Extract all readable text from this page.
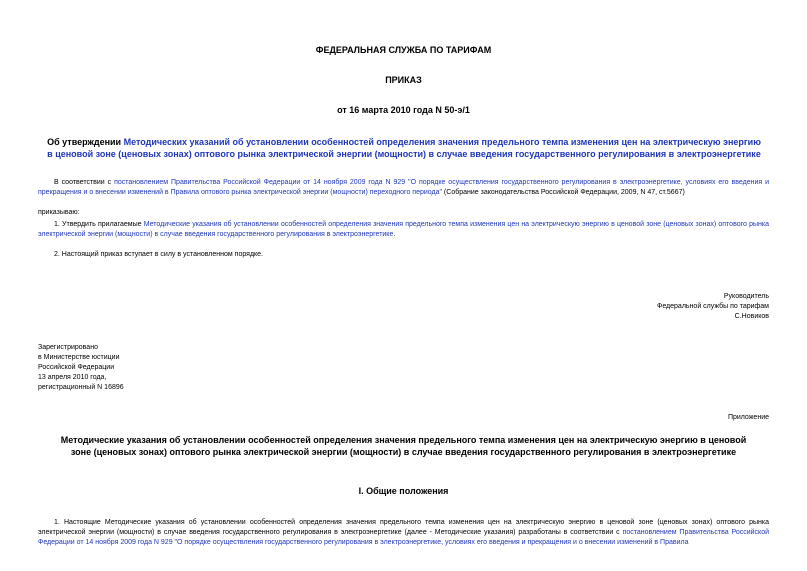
ФЕДЕРАЛЬНАЯ СЛУЖБА ПО ТАРИФАМ
ПРИКАЗ
от 16 марта 2010 года N 50-э/1
Об утверждении Методических указаний об установлении особенностей определения значения предельного темпа изменения цен на электрическую энергию в ценовой зоне (ценовых зонах) оптового рынка электрической энергии (мощности) в случае введения государственного регулирования в электроэнергетике
В соответствии с постановлением Правительства Российской Федерации от 14 ноября 2009 года N 929 "О порядке осуществления государственного регулирования в электроэнергетике, условиях его введения и прекращения и о внесении изменений в Правила оптового рынка электрической энергии (мощности) переходного периода" (Собрание законодательства Российской Федерации, 2009, N 47, ст.5667)
приказываю:
1. Утвердить прилагаемые Методические указания об установлении особенностей определения значения предельного темпа изменения цен на электрическую энергию в ценовой зоне (ценовых зонах) оптового рынка электрической энергии (мощности) в случае введения государственного регулирования в электроэнергетике.
2. Настоящий приказ вступает в силу в установленном порядке.
Руководитель
Федеральной службы по тарифам
С.Новиков
Зарегистрировано
в Министерстве юстиции
Российской Федерации
13 апреля 2010 года,
регистрационный N 16896
Приложение
Методические указания об установлении особенностей определения значения предельного темпа изменения цен на электрическую энергию в ценовой зоне (ценовых зонах) оптового рынка электрической энергии (мощности) в случае введения государственного регулирования в электроэнергетике
I. Общие положения
1. Настоящие Методические указания об установлении особенностей определения значения предельного темпа изменения цен на электрическую энергию в ценовой зоне (ценовых зонах) оптового рынка электрической энергии (мощности) в случае введения государственного регулирования в электроэнергетике (далее - Методические указания) разработаны в соответствии с постановлением Правительства Российской Федерации от 14 ноября 2009 года N 929 "О порядке осуществления государственного регулирования в электроэнергетике, условиях его введения и прекращения и о внесении изменений в Правила
